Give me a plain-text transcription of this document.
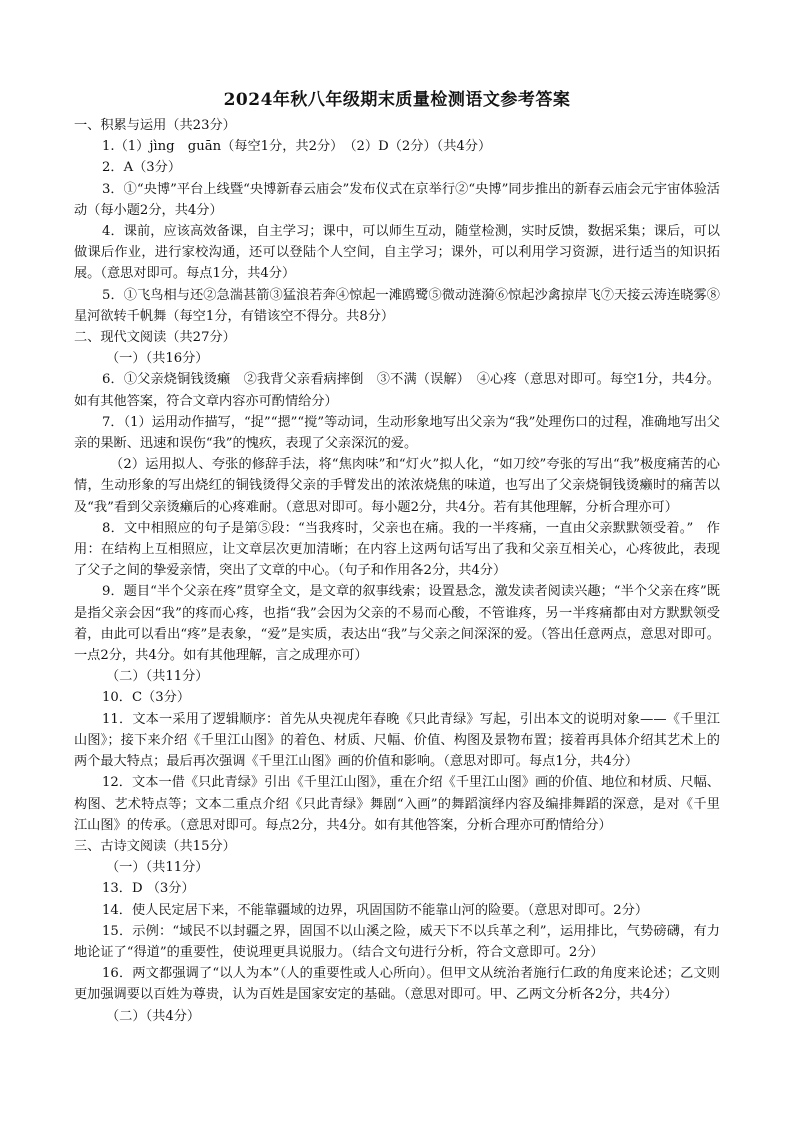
2024年秋八年级期末质量检测语文参考答案

一、积累与运用（共23分）

1.（1）jìng　guān（每空1分，共2分）　（2）D（2分）（共4分）

2．A（3分）

3．①“央博”平台上线暨“央博新春云庙会”发布仪式在京举行②“央博”同步推出的新春云庙会元宇宙体验活动（每小题2分，共4分）

4．课前，应该高效备课，自主学习；课中，可以师生互动，随堂检测，实时反馈，数据采集；课后，可以做课后作业，进行家校沟通，还可以登陆个人空间，自主学习；课外，可以利用学习资源，进行适当的知识拓展。（意思对即可。每点1分，共4分）

5．①飞鸟相与还②急湍甚箭③猛浪若奔④惊起一滩鸥鹭⑤微动涟漪⑥惊起沙禽掠岸飞⑦天接云涛连晓雾⑧星河欲转千帆舞（每空1分，有错该空不得分。共8分）

二、现代文阅读（共27分）

（一）（共16分）

6．①父亲烧铜钱烫癞　②我背父亲看病摔倒　③不满（误解）　④心疼（意思对即可。每空1分，共4分。如有其他答案，符合文章内容亦可酌情给分）

7．（1）运用动作描写，“捉”“摁”“搅”等动词，生动形象地写出父亲为“我”处理伤口的过程，准确地写出父亲的果断、迅速和误伤“我”的愧疚，表现了父亲深沉的爱。

（2）运用拟人、夸张的修辞手法，将“焦肉味”和“灯火”拟人化，“如刀绞”夸张的写出“我”极度痛苦的心情，生动形象的写出烧红的铜钱烫得父亲的手臂发出的浓浓烧焦的味道，也写出了父亲烧铜钱烫癞时的痛苦以及“我”看到父亲烫癞后的心疼难耐。（意思对即可。每小题2分，共4分。若有其他理解，分析合理亦可）

8．文中相照应的句子是第⑤段：“当我疼时，父亲也在痛。我的一半疼痛，一直由父亲默默领受着。”　作用：在结构上互相照应，让文章层次更加清晰；在内容上这两句话写出了我和父亲互相关心，心疼彼此，表现了父子之间的挚爱亲情，突出了文章的中心。（句子和作用各2分，共4分）

9．题目“半个父亲在疼”贯穿全文，是文章的叙事线索；设置悬念，激发读者阅读兴趣；“半个父亲在疼”既是指父亲会因“我”的疼而心疼，也指“我”会因为父亲的不易而心酸，不管谁疼，另一半疼痛都由对方默默领受着，由此可以看出“疼”是表象，“爱”是实质，表达出“我”与父亲之间深深的爱。（答出任意两点，意思对即可。一点2分，共4分。如有其他理解，言之成理亦可）

（二）（共11分）

10．C（3分）

11．文本一采用了逻辑顺序：首先从央视虎年春晚《只此青绿》写起，引出本文的说明对象——《千里江山图》；接下来介绍《千里江山图》的着色、材质、尺幅、价值、构图及景物布置；接着再具体介绍其艺术上的两个最大特点；最后再次强调《千里江山图》画的价值和影响。（意思对即可。每点1分，共4分）

12．文本一借《只此青绿》引出《千里江山图》，重在介绍《千里江山图》画的价值、地位和材质、尺幅、构图、艺术特点等；文本二重点介绍《只此青绿》舞剧“入画”的舞蹈演绎内容及编排舞蹈的深意，是对《千里江山图》的传承。（意思对即可。每点2分，共4分。如有其他答案，分析合理亦可酌情给分）

三、古诗文阅读（共15分）

（一）（共11分）

13．D （3分）

14．使人民定居下来，不能靠疆域的边界，巩固国防不能靠山河的险要。（意思对即可。2分）

15．示例：“域民不以封疆之界，固国不以山溪之险，威天下不以兵革之利”，运用排比，气势磅礴，有力地论证了“得道”的重要性，使说理更具说服力。（结合文句进行分析，符合文意即可。2分）

16．两文都强调了“以人为本”（人的重要性或人心所向）。但甲文从统治者施行仁政的角度来论述；乙文则更加强调要以百姓为尊贵，认为百姓是国家安定的基础。（意思对即可。甲、乙两文分析各2分，共4分）

（二）（共4分）
